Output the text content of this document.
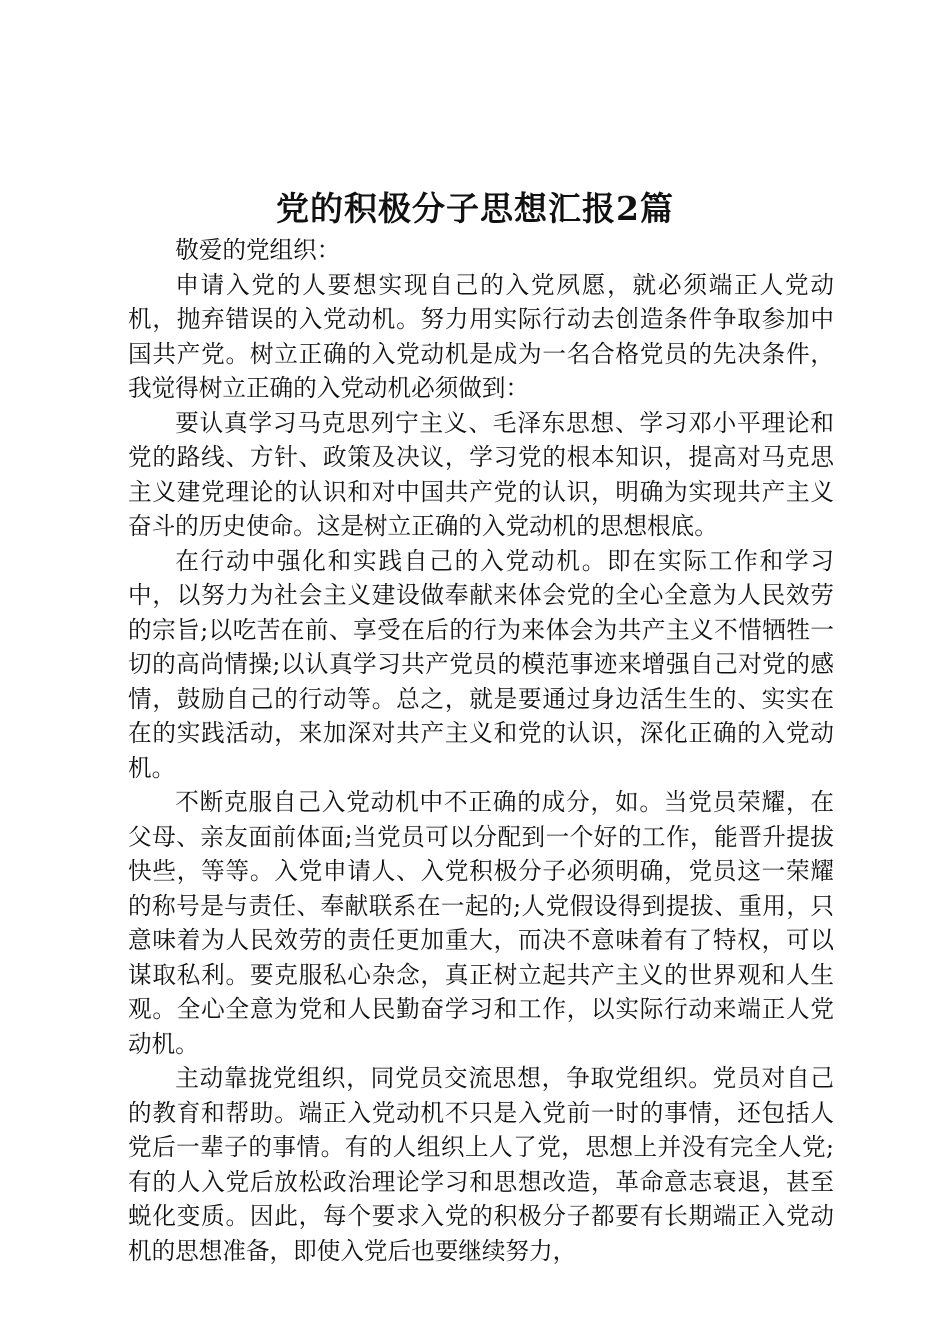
党的积极分子思想汇报2篇

敬爱的党组织：

申请入党的人要想实现自己的入党夙愿，就必须端正人党动机，抛弃错误的入党动机。努力用实际行动去创造条件争取参加中国共产党。树立正确的入党动机是成为一名合格党员的先决条件，我觉得树立正确的入党动机必须做到：

要认真学习马克思列宁主义、毛泽东思想、学习邓小平理论和党的路线、方针、政策及决议，学习党的根本知识，提高对马克思主义建党理论的认识和对中国共产党的认识，明确为实现共产主义奋斗的历史使命。这是树立正确的入党动机的思想根底。

在行动中强化和实践自己的入党动机。即在实际工作和学习中，以努力为社会主义建设做奉献来体会党的全心全意为人民效劳的宗旨;以吃苦在前、享受在后的行为来体会为共产主义不惜牺牲一切的高尚情操;以认真学习共产党员的模范事迹来增强自己对党的感情，鼓励自己的行动等。总之，就是要通过身边活生生的、实实在在的实践活动，来加深对共产主义和党的认识，深化正确的入党动机。

不断克服自己入党动机中不正确的成分，如。当党员荣耀，在父母、亲友面前体面;当党员可以分配到一个好的工作，能晋升提拔快些，等等。入党申请人、入党积极分子必须明确，党员这一荣耀的称号是与责任、奉献联系在一起的;人党假设得到提拔、重用，只意味着为人民效劳的责任更加重大，而决不意味着有了特权，可以谋取私利。要克服私心杂念，真正树立起共产主义的世界观和人生观。全心全意为党和人民勤奋学习和工作，以实际行动来端正人党动机。

主动靠拢党组织，同党员交流思想，争取党组织。党员对自己的教育和帮助。端正入党动机不只是入党前一时的事情，还包括人党后一辈子的事情。有的人组织上人了党，思想上并没有完全人党;有的人入党后放松政治理论学习和思想改造，革命意志衰退，甚至蜕化变质。因此，每个要求入党的积极分子都要有长期端正入党动机的思想准备，即使入党后也要继续努力，
